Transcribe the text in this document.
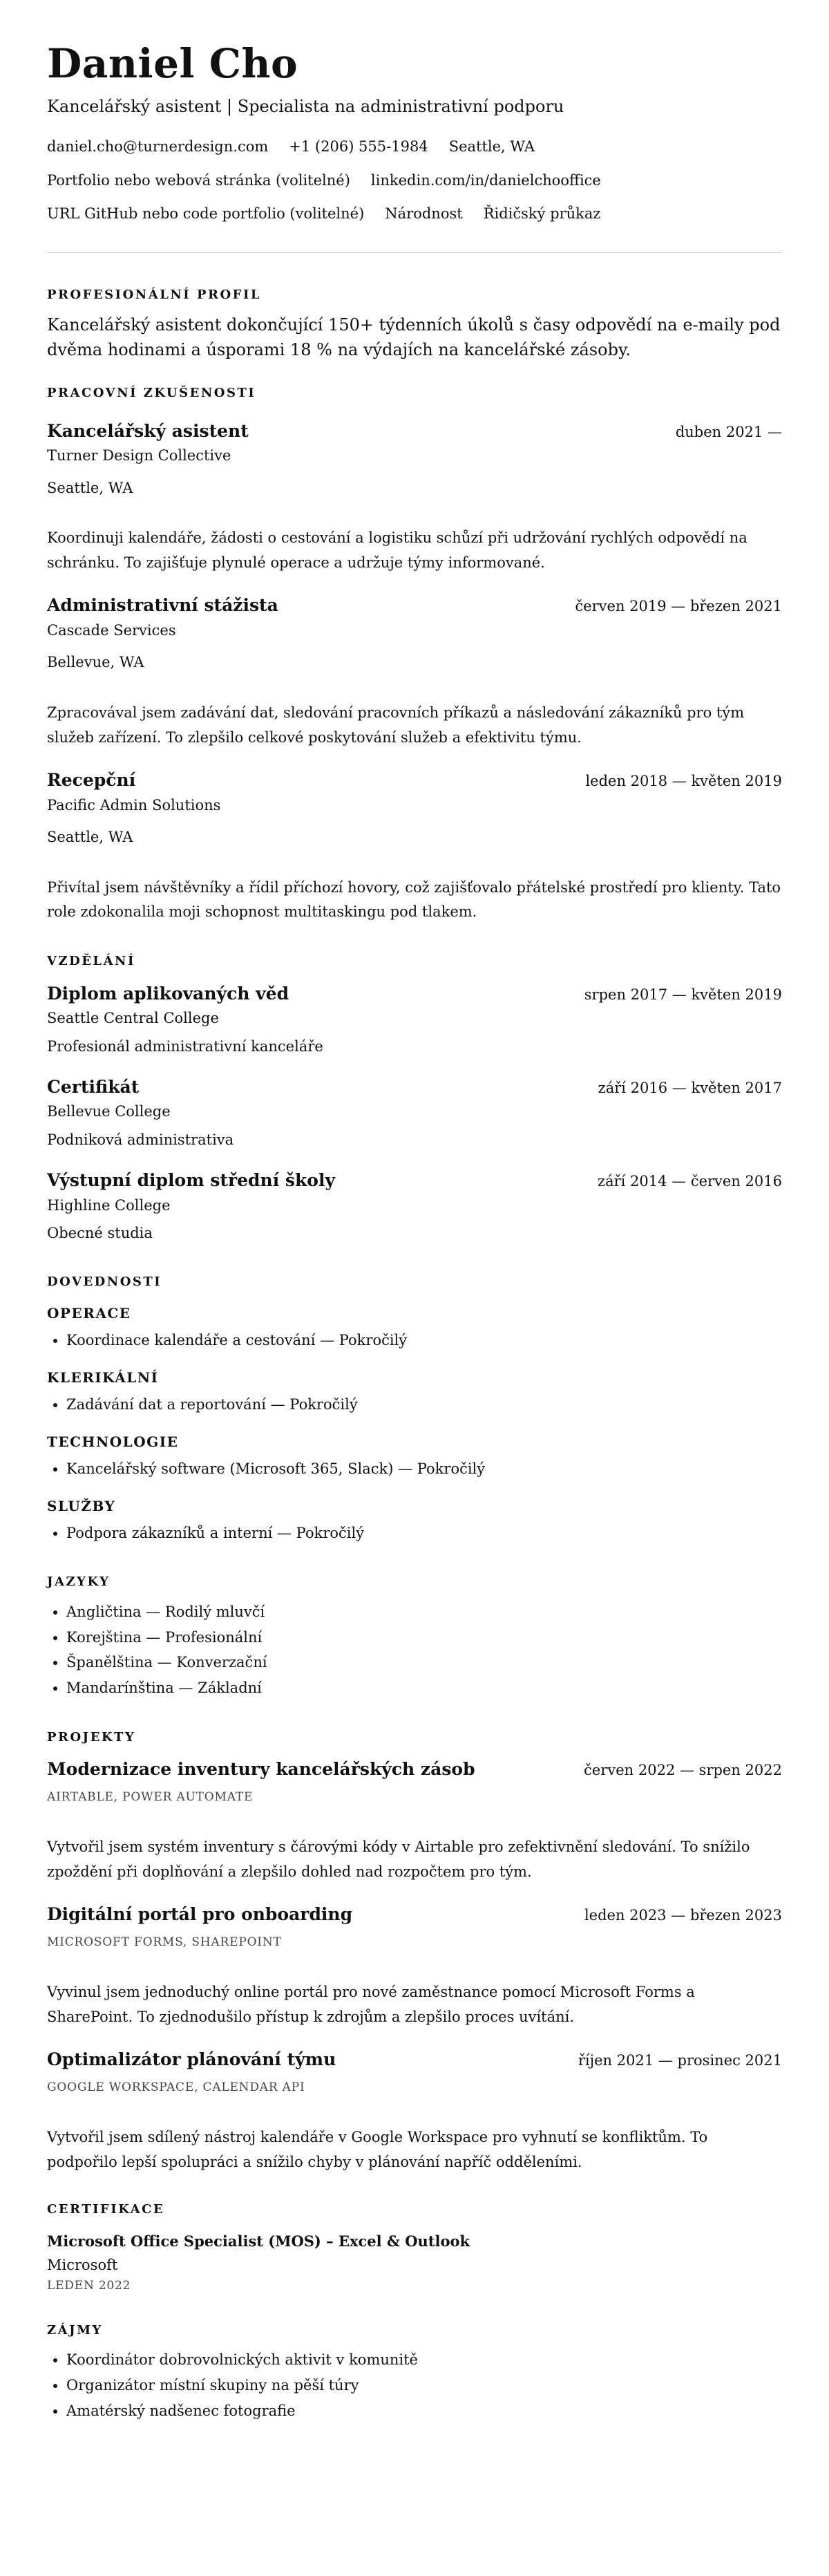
Daniel Cho
Kancelářský asistent | Specialista na administrativní podporu
daniel.cho@turnerdesign.com +1 (206) 555-1984 Seattle, WA
Portfolio nebo webová stránka (volitelné) linkedin.com/in/danielchooffice
URL GitHub nebo code portfolio (volitelné) Národnost Řidičský průkaz
PROFESIONÁLNÍ PROFIL

Kancelářský asistent dokončující 150+ týdenních úkolů s časy odpovědí na e-maily pod dvěma hodinami a úsporami 18 % na výdajích na kancelářské zásoby.

PRACOVNÍ ZKUŠENOSTI
Kancelářský asistent	duben 2021 —
Turner Design Collective
Seattle, WA

Koordinuji kalendáře, žádosti o cestování a logistiku schůzí při udržování rychlých odpovědí na schránku. To zajišťuje plynulé operace a udržuje týmy informované.

Administrativní stážista	červen 2019 — březen 2021
Cascade Services
Bellevue, WA

Zpracovával jsem zadávání dat, sledování pracovních příkazů a následování zákazníků pro tým služeb zařízení. To zlepšilo celkové poskytování služeb a efektivitu týmu.

Recepční	leden 2018 — květen 2019
Pacific Admin Solutions
Seattle, WA

Přivítal jsem návštěvníky a řídil příchozí hovory, což zajišťovalo přátelské prostředí pro klienty. Tato role zdokonalila moji schopnost multitaskingu pod tlakem.

VZDĚLÁNÍ
Diplom aplikovaných věd	srpen 2017 — květen 2019
Seattle Central College
Profesionál administrativní kanceláře
Certifikát	září 2016 — květen 2017
Bellevue College
Podniková administrativa
Výstupní diplom střední školy	září 2014 — červen 2016
Highline College
Obecné studia
DOVEDNOSTI
OPERACE
• Koordinace kalendáře a cestování — Pokročilý
KLERIKÁLNÍ
• Zadávání dat a reportování — Pokročilý
TECHNOLOGIE
• Kancelářský software (Microsoft 365, Slack) — Pokročilý
SLUŽBY
• Podpora zákazníků a interní — Pokročilý
JAZYKY
• Angličtina — Rodilý mluvčí
• Korejština — Profesionální
• Španělština — Konverzační
• Mandarínština — Základní
PROJEKTY
Modernizace inventury kancelářských zásob	červen 2022 — srpen 2022
AIRTABLE, POWER AUTOMATE

Vytvořil jsem systém inventury s čárovými kódy v Airtable pro zefektivnění sledování. To snížilo zpoždění při doplňování a zlepšilo dohled nad rozpočtem pro tým.

Digitální portál pro onboarding	leden 2023 — březen 2023
MICROSOFT FORMS, SHAREPOINT

Vyvinul jsem jednoduchý online portál pro nové zaměstnance pomocí Microsoft Forms a SharePoint. To zjednodušilo přístup k zdrojům a zlepšilo proces uvítání.

Optimalizátor plánování týmu	říjen 2021 — prosinec 2021
GOOGLE WORKSPACE, CALENDAR API

Vytvořil jsem sdílený nástroj kalendáře v Google Workspace pro vyhnutí se konfliktům. To podpořilo lepší spolupráci a snížilo chyby v plánování napříč odděleními.

CERTIFIKACE
Microsoft Office Specialist (MOS) – Excel & Outlook
Microsoft
LEDEN 2022
ZÁJMY
• Koordinátor dobrovolnických aktivit v komunitě
• Organizátor místní skupiny na pěší túry
• Amatérský nadšenec fotografie
